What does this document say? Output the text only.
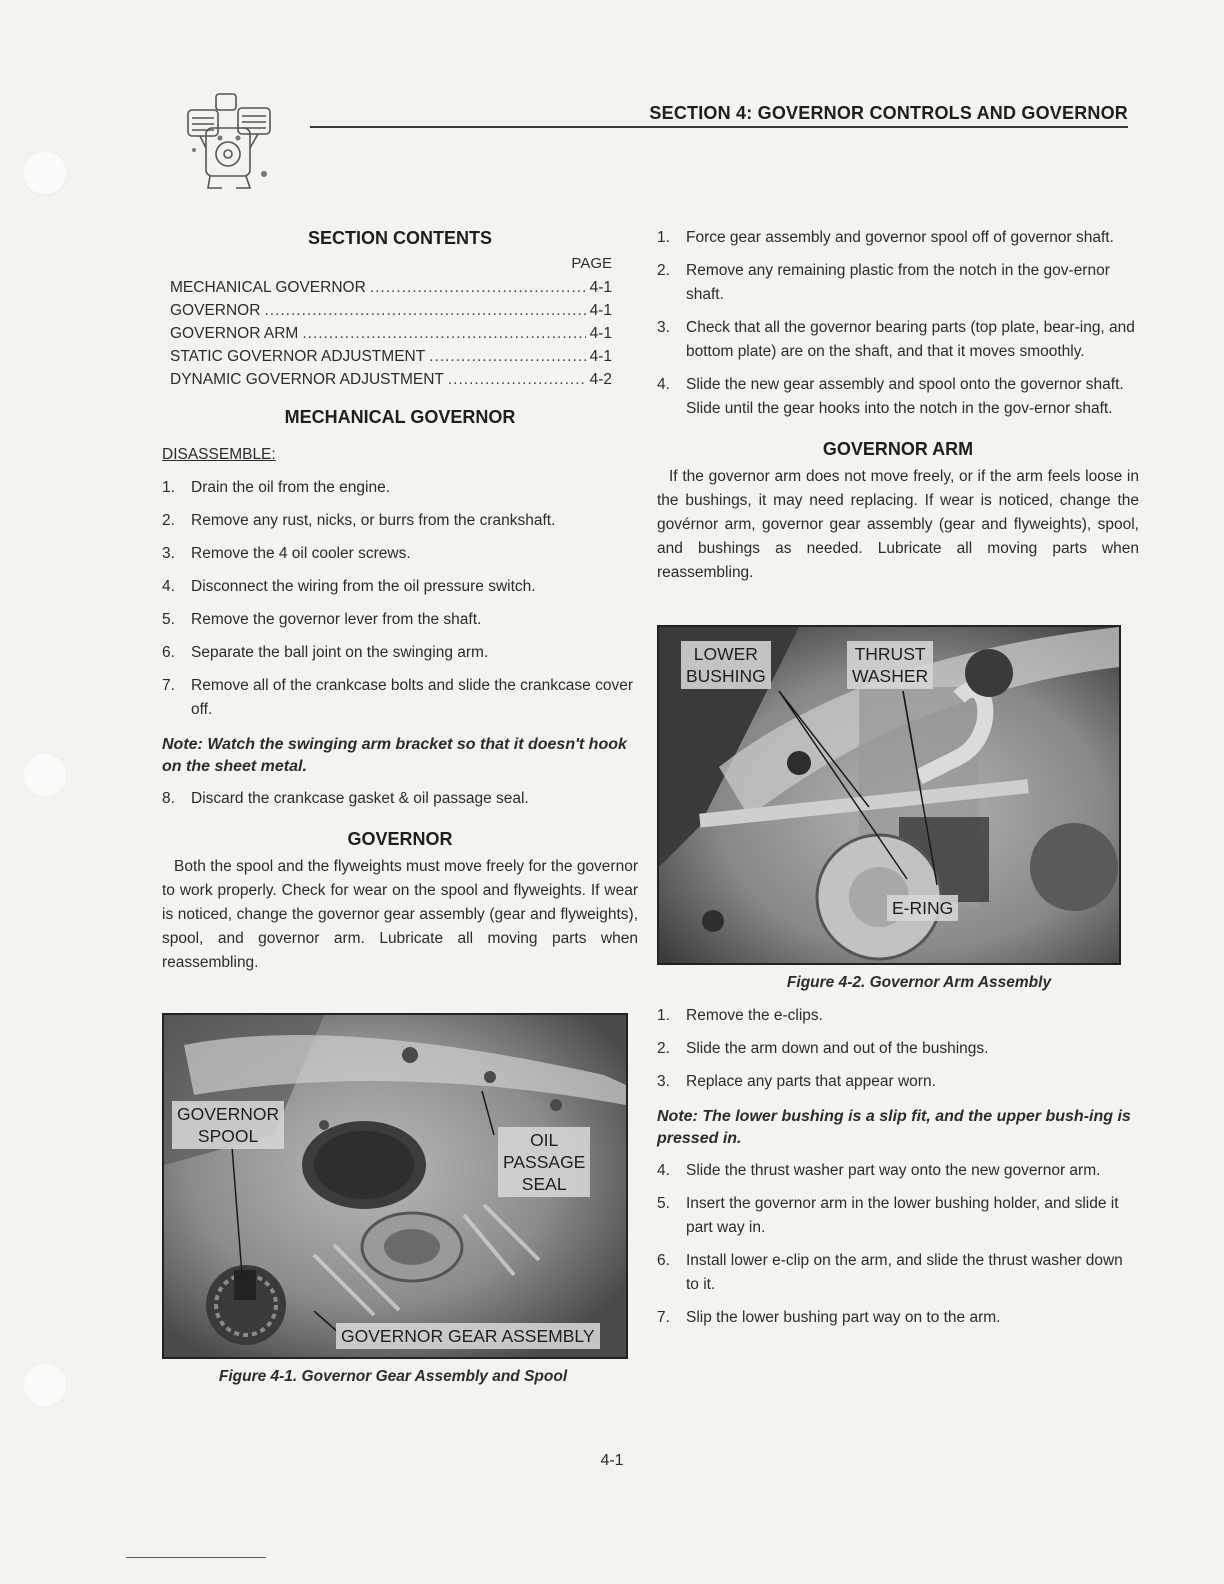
SECTION 4: GOVERNOR CONTROLS AND GOVERNOR
SECTION CONTENTS
PAGE
MECHANICAL GOVERNOR .....	4-1
GOVERNOR .....	4-1
GOVERNOR ARM .....	4-1
STATIC GOVERNOR ADJUSTMENT .....	4-1
DYNAMIC GOVERNOR ADJUSTMENT .....	4-2
MECHANICAL GOVERNOR
DISASSEMBLE:
1.	Drain the oil from the engine.
2.	Remove any rust, nicks, or burrs from the crankshaft.
3.	Remove the 4 oil cooler screws.
4.	Disconnect the wiring from the oil pressure switch.
5.	Remove the governor lever from the shaft.
6.	Separate the ball joint on the swinging arm.
7.	Remove all of the crankcase bolts and slide the crankcase cover off.
Note: Watch the swinging arm bracket so that it doesn't hook on the sheet metal.
8.	Discard the crankcase gasket & oil passage seal.
GOVERNOR

Both the spool and the flyweights must move freely for the governor to work properly. Check for wear on the spool and flyweights. If wear is noticed, change the governor gear assembly (gear and flyweights), spool, and governor arm. Lubricate all moving parts when reassembling.

GOVERNOR
SPOOL	OIL
PASSAGE
SEAL
GOVERNOR GEAR ASSEMBLY
Figure 4-1. Governor Gear Assembly and Spool
1.	Force gear assembly and governor spool off of governor shaft.
2.	Remove any remaining plastic from the notch in the gov-ernor shaft.
3.	Check that all the governor bearing parts (top plate, bear-ing, and bottom plate) are on the shaft, and that it moves smoothly.
4.	Slide the new gear assembly and spool onto the governor shaft. Slide until the gear hooks into the notch in the gov-ernor shaft.
GOVERNOR ARM

If the governor arm does not move freely, or if the arm feels loose in the bushings, it may need replacing. If wear is noticed, change the govérnor arm, governor gear assembly (gear and flyweights), spool, and bushings as needed. Lubricate all moving parts when reassembling.

LOWER
BUSHING
THRUST
WASHER
E-RING
Figure 4-2. Governor Arm Assembly
1.	Remove the e-clips.
2.	Slide the arm down and out of the bushings.
3.	Replace any parts that appear worn.
Note: The lower bushing is a slip fit, and the upper bush-ing is pressed in.
4.	Slide the thrust washer part way onto the new governor arm.
5.	Insert the governor arm in the lower bushing holder, and slide it part way in.
6.	Install lower e-clip on the arm, and slide the thrust washer down to it.
7.	Slip the lower bushing part way on to the arm.
4-1
